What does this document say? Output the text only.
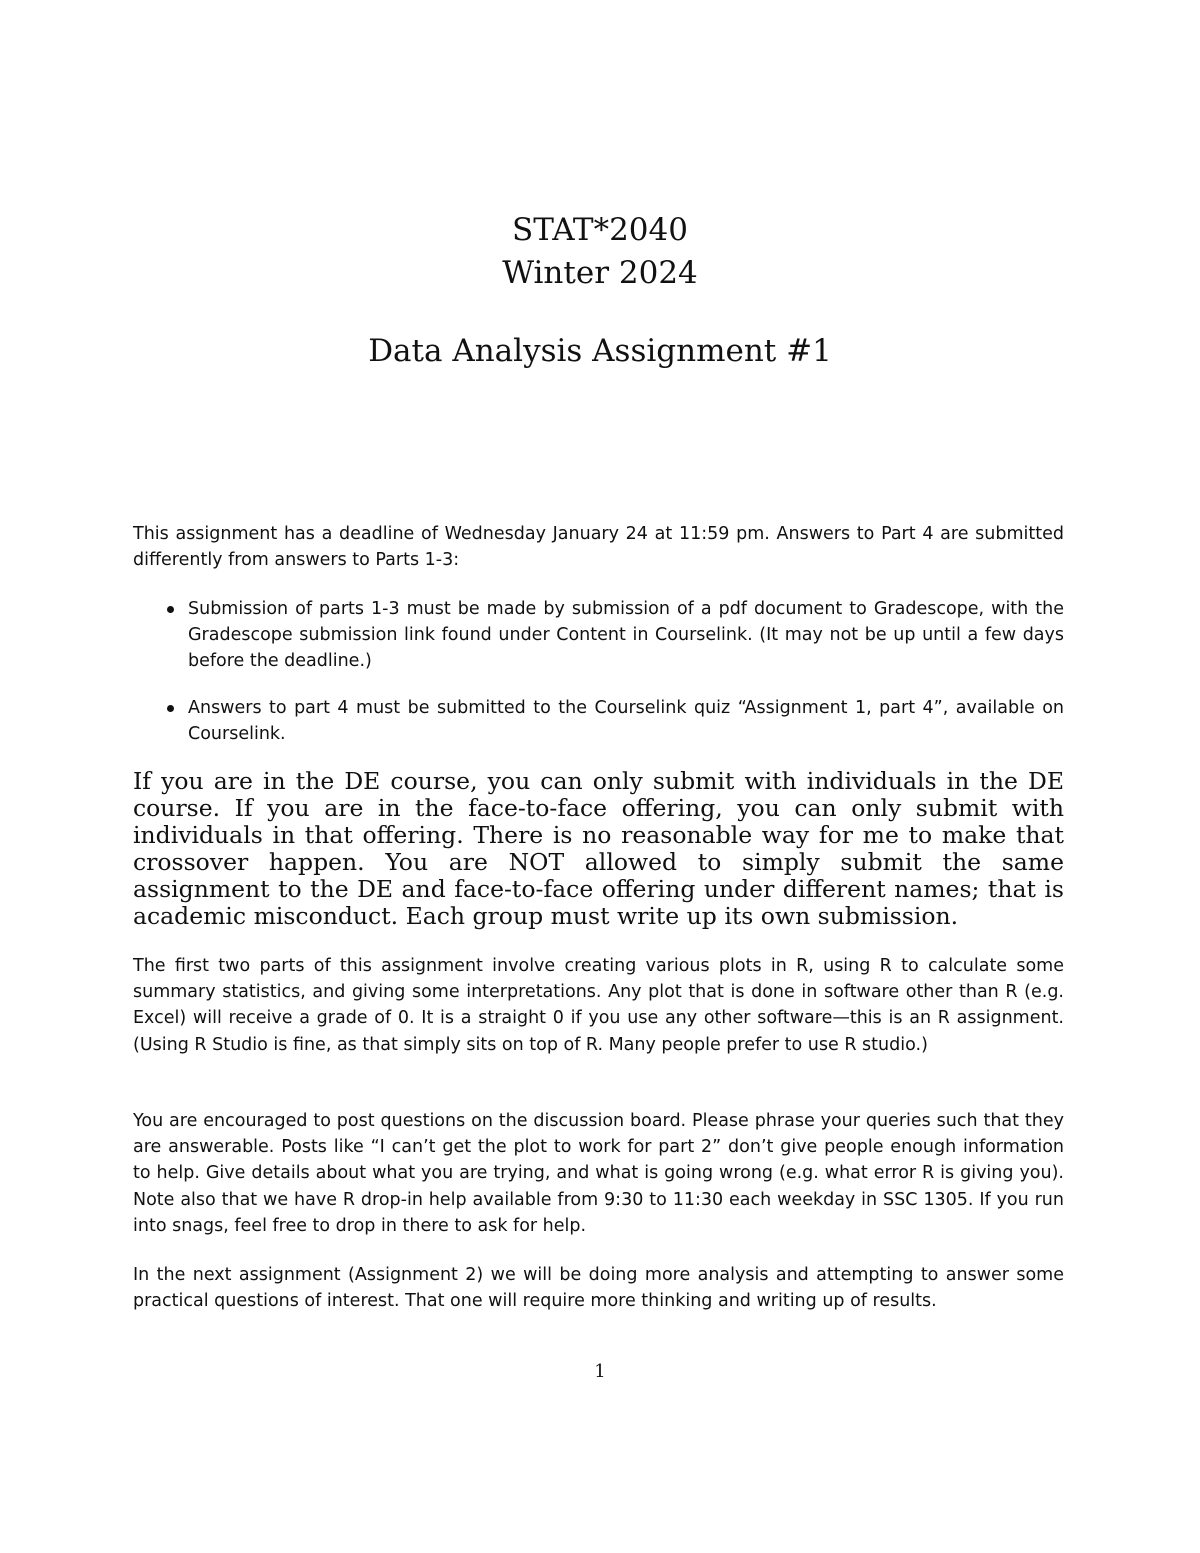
STAT*2040
Winter 2024
Data Analysis Assignment #1
This assignment has a deadline of Wednesday January 24 at 11:59 pm. Answers to Part 4 are submitted differently from answers to Parts 1-3:
Submission of parts 1-3 must be made by submission of a pdf document to Gradescope, with the Gradescope submission link found under Content in Courselink. (It may not be up until a few days before the deadline.)
Answers to part 4 must be submitted to the Courselink quiz “Assignment 1, part 4”, available on Courselink.
If you are in the DE course, you can only submit with individuals in the DE course. If you are in the face-to-face offering, you can only submit with individuals in that offering. There is no reasonable way for me to make that crossover happen. You are NOT allowed to simply submit the same assignment to the DE and face-to-face offering under different names; that is academic misconduct. Each group must write up its own submission.
The first two parts of this assignment involve creating various plots in R, using R to calculate some summary statistics, and giving some interpretations. Any plot that is done in software other than R (e.g. Excel) will receive a grade of 0. It is a straight 0 if you use any other software—this is an R assignment. (Using R Studio is fine, as that simply sits on top of R. Many people prefer to use R studio.)
You are encouraged to post questions on the discussion board. Please phrase your queries such that they are answerable. Posts like “I can’t get the plot to work for part 2” don’t give people enough information to help. Give details about what you are trying, and what is going wrong (e.g. what error R is giving you). Note also that we have R drop-in help available from 9:30 to 11:30 each weekday in SSC 1305. If you run into snags, feel free to drop in there to ask for help.
In the next assignment (Assignment 2) we will be doing more analysis and attempting to answer some practical questions of interest. That one will require more thinking and writing up of results.
1
